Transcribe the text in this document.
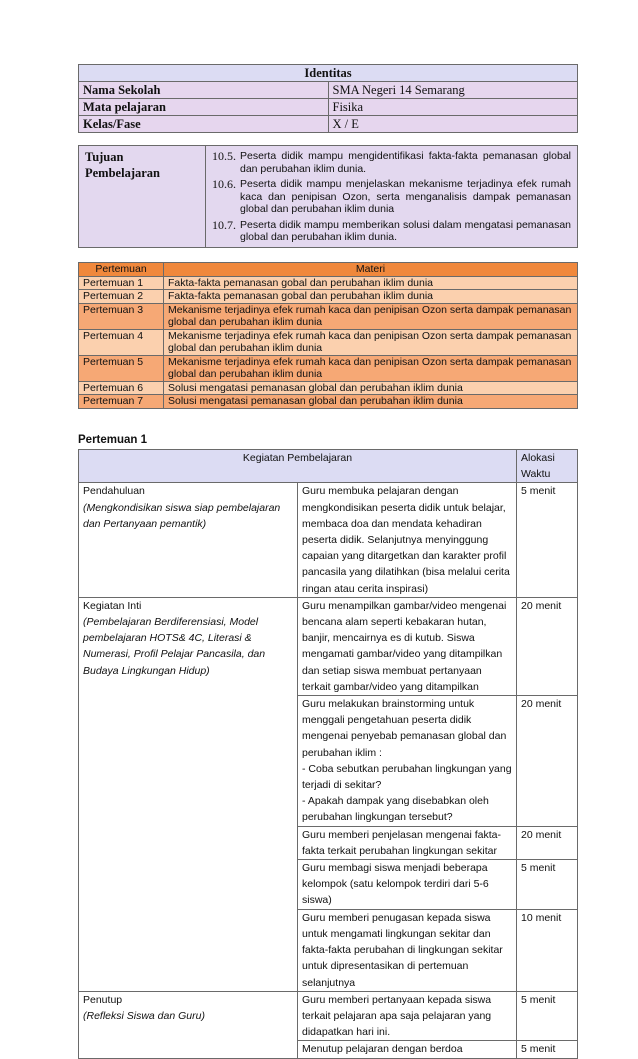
Identitas	
Nama Sekolah	SMA Negeri 14 Semarang
Mata pelajaran	Fisika
Kelas/Fase	X / E
Tujuan Pembelajaran	
10.5. Peserta didik mampu mengidentifikasi fakta-fakta pemanasan global dan perubahan iklim dunia.
10.6. Peserta didik mampu menjelaskan mekanisme terjadinya efek rumah kaca dan penipisan Ozon, serta menganalisis dampak pemanasan global dan perubahan iklim dunia
10.7. Peserta didik mampu memberikan solusi dalam mengatasi pemanasan global dan perubahan iklim dunia.
Pertemuan	Materi
Pertemuan 1	Fakta-fakta pemanasan gobal dan perubahan iklim dunia
Pertemuan 2	Fakta-fakta pemanasan gobal dan perubahan iklim dunia
Pertemuan 3	Mekanisme terjadinya efek rumah kaca dan penipisan Ozon serta dampak pemanasan global dan perubahan iklim dunia
Pertemuan 4	Mekanisme terjadinya efek rumah kaca dan penipisan Ozon serta dampak pemanasan global dan perubahan iklim dunia
Pertemuan 5	Mekanisme terjadinya efek rumah kaca dan penipisan Ozon serta dampak pemanasan global dan perubahan iklim dunia
Pertemuan 6	Solusi mengatasi pemanasan global dan perubahan iklim dunia
Pertemuan 7	Solusi mengatasi pemanasan global dan perubahan iklim dunia
Pertemuan 1
Kegiatan Pembelajaran		Alokasi Waktu

Pendahuluan
(Mengkondisikan siswa siap pembelajaran dan Pertanyaan pemantik)	Guru membuka pelajaran dengan mengkondisikan peserta didik untuk belajar, membaca doa dan mendata kehadiran peserta didik. Selanjutnya menyinggung capaian yang ditargetkan dan karakter profil pancasila yang dilatihkan (bisa melalui cerita ringan atau cerita inspirasi)	5 menit

Kegiatan Inti
(Pembelajaran Berdiferensiasi, Model pembelajaran HOTS& 4C, Literasi & Numerasi, Profil Pelajar Pancasila, dan Budaya Lingkungan Hidup)	Guru menampilkan gambar/video mengenai bencana alam seperti kebakaran hutan, banjir, mencairnya es di kutub. Siswa mengamati gambar/video yang ditampilkan dan setiap siswa membuat pertanyaan terkait gambar/video yang ditampilkan	20 menit

	Guru melakukan brainstorming untuk menggali pengetahuan peserta didik mengenai penyebab pemanasan global dan perubahan iklim :
- Coba sebutkan perubahan lingkungan yang terjadi di sekitar?
- Apakah dampak yang disebabkan oleh perubahan lingkungan tersebut?	20 menit
	Guru memberi penjelasan mengenai fakta-fakta terkait perubahan lingkungan sekitar	20 menit
	Guru membagi siswa menjadi beberapa kelompok (satu kelompok terdiri dari 5-6 siswa)	5 menit
	Guru memberi penugasan kepada siswa untuk mengamati lingkungan sekitar dan fakta-fakta perubahan di lingkungan sekitar untuk dipresentasikan di pertemuan selanjutnya	10 menit

Penutup
(Refleksi Siswa dan Guru)	Guru memberi pertanyaan kepada siswa terkait pelajaran apa saja pelajaran yang didapatkan hari ini.	5 menit
	Menutup pelajaran dengan berdoa	5 menit
